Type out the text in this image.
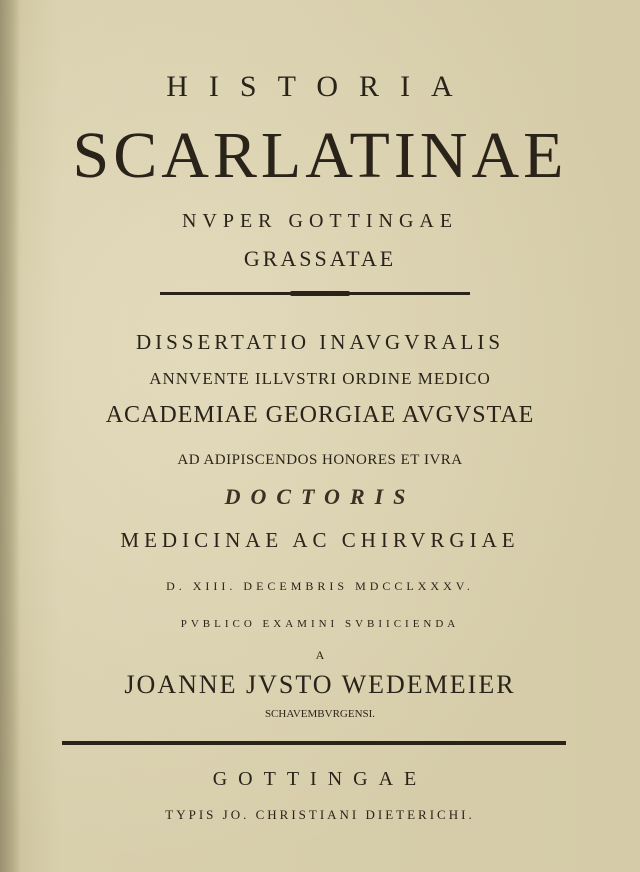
HISTORIA
SCARLATINAE
NVPER GOTTINGAE
GRASSATAE
DISSERTATIO INAVGVRALIS
ANNVENTE ILLVSTRI ORDINE MEDICO
ACADEMIAE GEORGIAE AVGVSTAE
AD ADIPISCENDOS HONORES ET IVRA
DOCTORIS
MEDICINAE AC CHIRVRGIAE
D. XIII. DECEMBRIS MDCCLXXXV.
PVBLICO EXAMINI SVBIICIENDA
A
JOANNE JVSTO WEDEMEIER
SCHAVEMBVRGENSI.
GOTTINGAE
TYPIS JO. CHRISTIANI DIETERICHI.
